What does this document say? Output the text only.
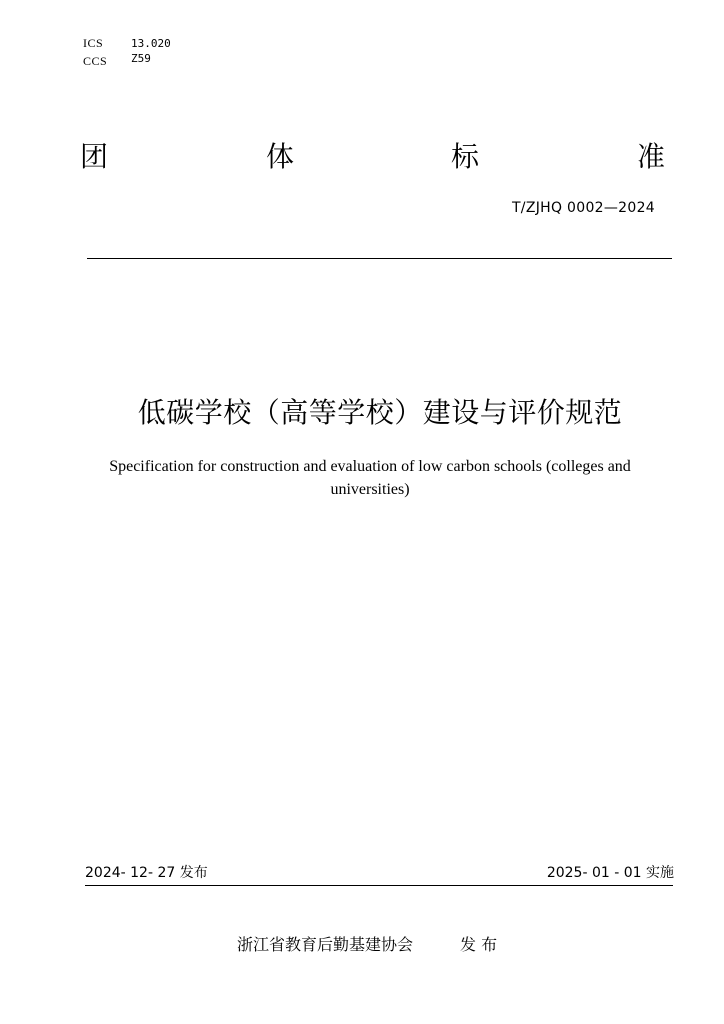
ICS	13.020
CCS Z59
团	体	标	准
T/ZJHQ 0002—2024
低碳学校（高等学校）建设与评价规范
Specification for construction and evaluation of low carbon schools (colleges and
universities)
2024- 12- 27 发布	2025- 01 - 01 实施
浙江省教育后勤基建协会	发 布
